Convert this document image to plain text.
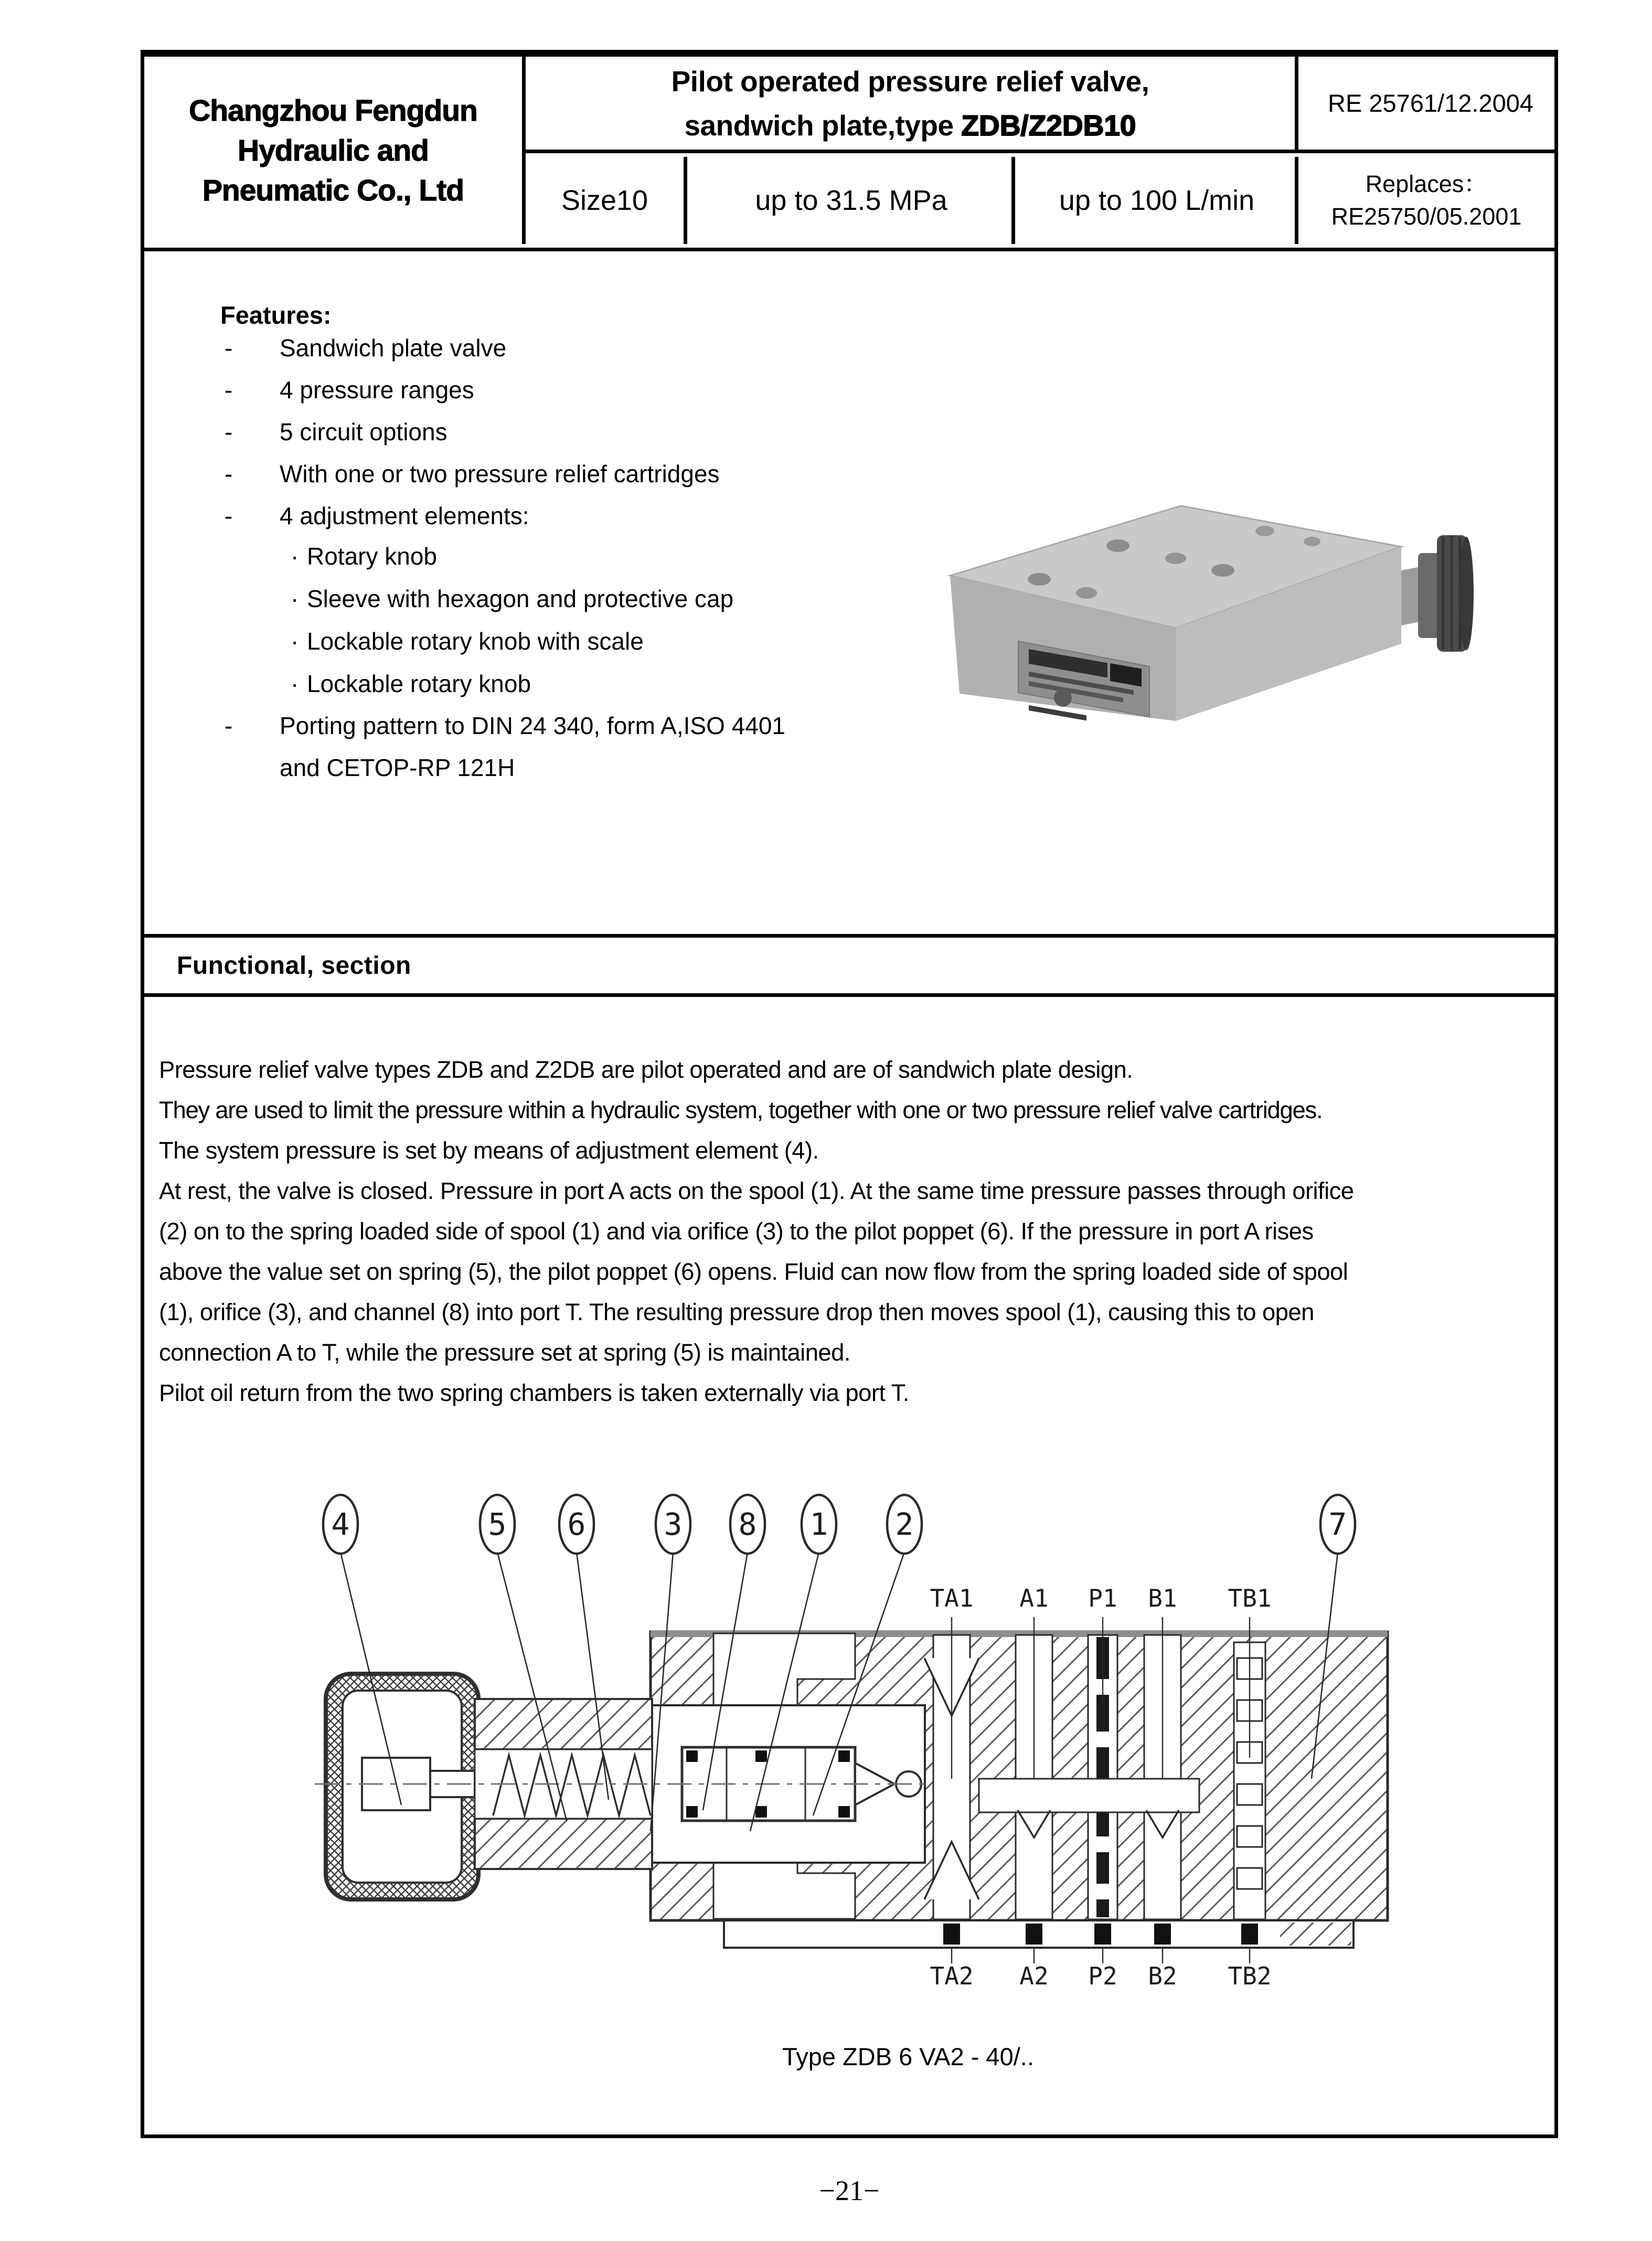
Changzhou Fengdun
Hydraulic and
Pneumatic Co., Ltd
Pilot operated pressure relief valve,
sandwich plate,type ZDB/Z2DB10
RE 25761/12.2004
Size10	up to 31.5 MPa	up to 100 L/min
Replaces：
RE25750/05.2001
Features:
- Sandwich plate valve
- 4 pressure ranges
- 5 circuit options
- With one or two pressure relief cartridges
- 4 adjustment elements:
· Rotary knob
· Sleeve with hexagon and protective cap
· Lockable rotary knob with scale
· Lockable rotary knob
- Porting pattern to DIN 24 340, form A,ISO 4401
and CETOP-RP 121H
Functional, section
Pressure relief valve types ZDB and Z2DB are pilot operated and are of sandwich plate design.
They are used to limit the pressure within a hydraulic system, together with one or two pressure relief valve cartridges.
The system pressure is set by means of adjustment element (4).
At rest, the valve is closed. Pressure in port A acts on the spool (1). At the same time pressure passes through orifice
(2) on to the spring loaded side of spool (1) and via orifice (3) to the pilot poppet (6). If the pressure in port A rises
above the value set on spring (5), the pilot poppet (6) opens. Fluid can now flow from the spring loaded side of spool
(1), orifice (3), and channel (8) into port T. The resulting pressure drop then moves spool (1), causing this to open
connection A to T, while the pressure set at spring (5) is maintained.
Pilot oil return from the two spring chambers is taken externally via port T.
4	5 6	3 8 1 2	7
TA1 A1 P1 B1 TB1
TA2 A2 P2 B2 TB2
Type ZDB 6 VA2 - 40/..
−21−
